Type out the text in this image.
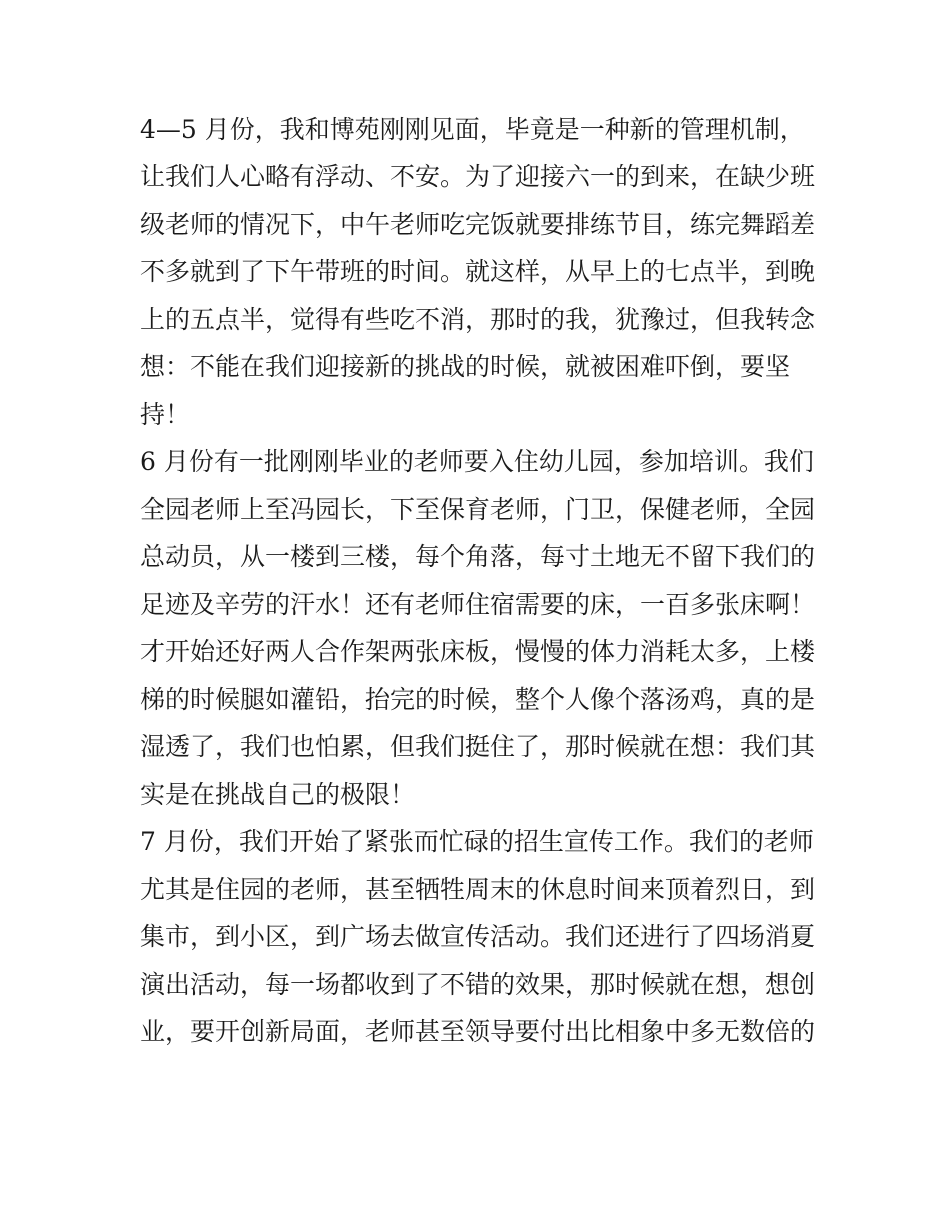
4—5 月份，我和博苑刚刚见面，毕竟是一种新的管理机制，

让我们人心略有浮动、不安。为了迎接六一的到来，在缺少班

级老师的情况下，中午老师吃完饭就要排练节目，练完舞蹈差

不多就到了下午带班的时间。就这样，从早上的七点半，到晚

上的五点半，觉得有些吃不消，那时的我，犹豫过，但我转念

想：不能在我们迎接新的挑战的时候，就被困难吓倒，要坚

持！

6 月份有一批刚刚毕业的老师要入住幼儿园，参加培训。我们

全园老师上至冯园长，下至保育老师，门卫，保健老师，全园

总动员，从一楼到三楼，每个角落，每寸土地无不留下我们的

足迹及辛劳的汗水！还有老师住宿需要的床，一百多张床啊！

才开始还好两人合作架两张床板，慢慢的体力消耗太多，上楼

梯的时候腿如灌铅，抬完的时候，整个人像个落汤鸡，真的是

湿透了，我们也怕累，但我们挺住了，那时候就在想：我们其

实是在挑战自己的极限！

7 月份，我们开始了紧张而忙碌的招生宣传工作。我们的老师

尤其是住园的老师，甚至牺牲周末的休息时间来顶着烈日，到

集市，到小区，到广场去做宣传活动。我们还进行了四场消夏

演出活动，每一场都收到了不错的效果，那时候就在想，想创

业，要开创新局面，老师甚至领导要付出比相象中多无数倍的
